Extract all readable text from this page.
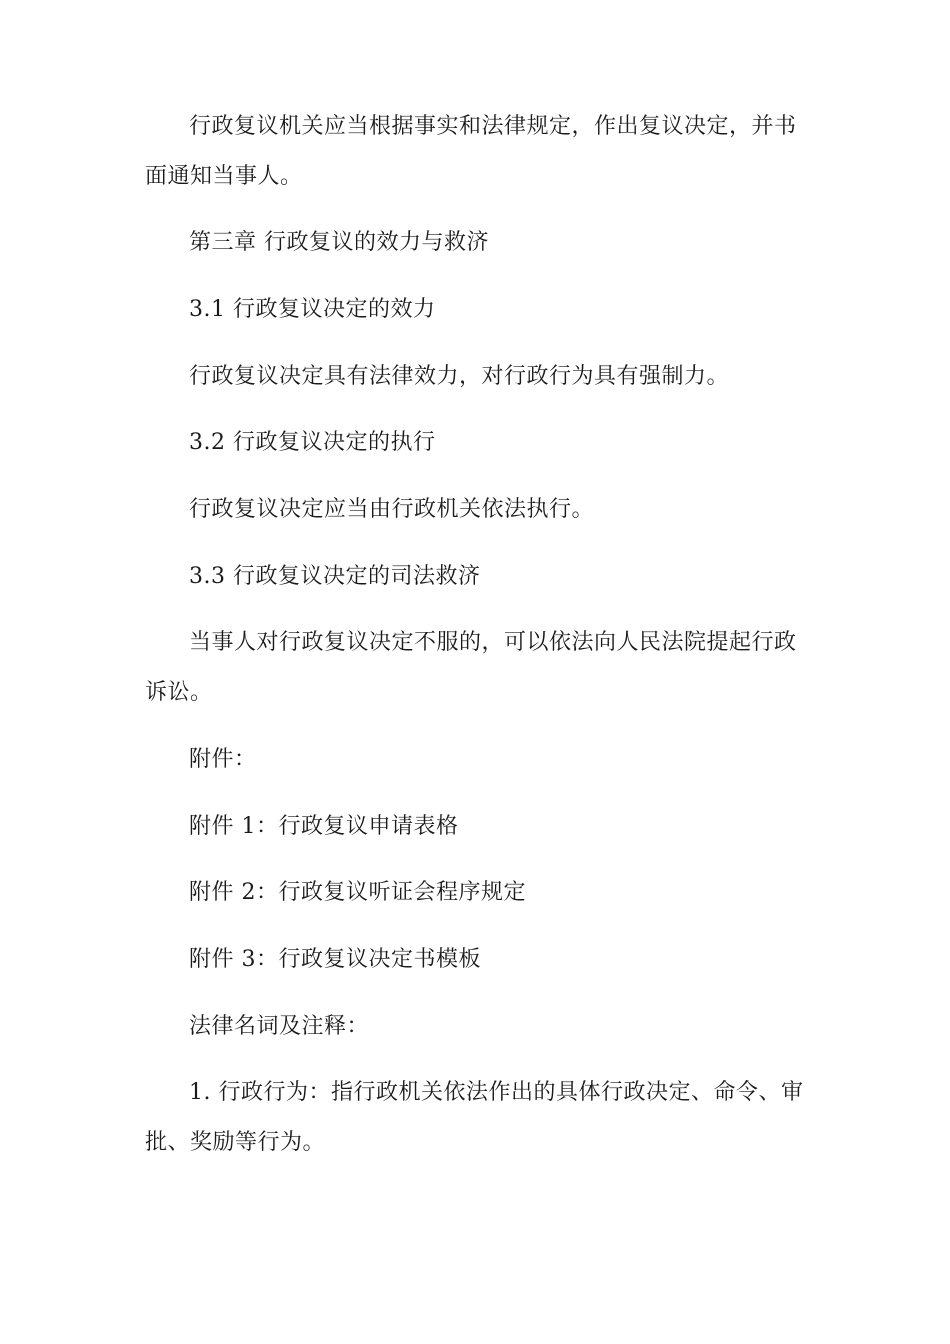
行政复议机关应当根据事实和法律规定，作出复议决定，并书面通知当事人。

第三章 行政复议的效力与救济

3.1 行政复议决定的效力

行政复议决定具有法律效力，对行政行为具有强制力。

3.2 行政复议决定的执行

行政复议决定应当由行政机关依法执行。

3.3 行政复议决定的司法救济

当事人对行政复议决定不服的，可以依法向人民法院提起行政诉讼。

附件：

附件 1：行政复议申请表格

附件 2：行政复议听证会程序规定

附件 3：行政复议决定书模板

法律名词及注释：

1. 行政行为：指行政机关依法作出的具体行政决定、命令、审批、奖励等行为。
